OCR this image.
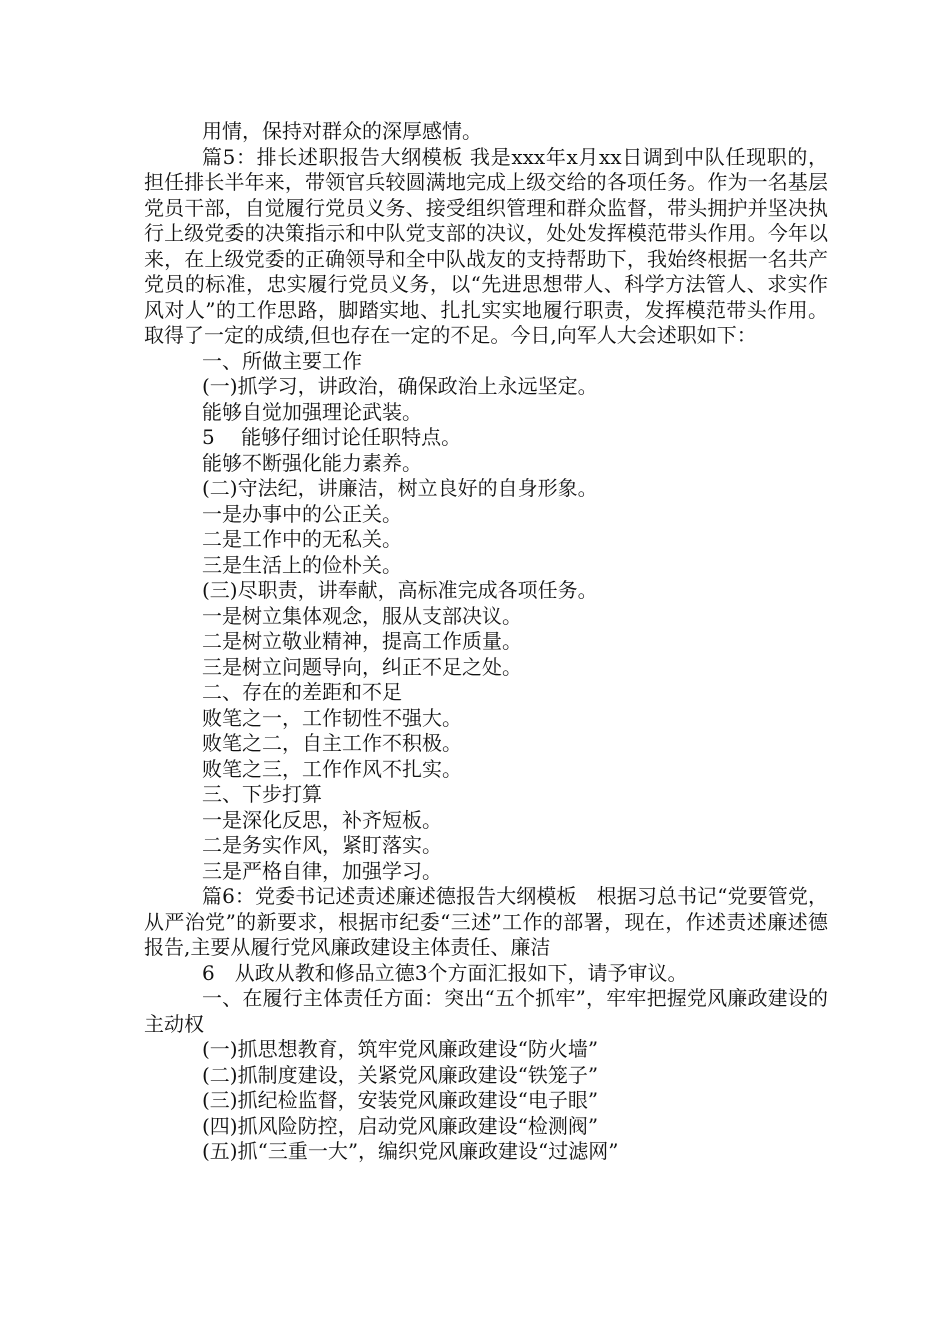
用情，保持对群众的深厚感情。

篇5：排长述职报告大纲模板 我是xxx年x月xx日调到中队任现职的，担任排长半年来，带领官兵较圆满地完成上级交给的各项任务。作为一名基层党员干部，自觉履行党员义务、接受组织管理和群众监督，带头拥护并坚决执行上级党委的决策指示和中队党支部的决议，处处发挥模范带头作用。今年以来，在上级党委的正确领导和全中队战友的支持帮助下，我始终根据一名共产党员的标准，忠实履行党员义务，以“先进思想带人、科学方法管人、求实作风对人”的工作思路，脚踏实地、扎扎实实地履行职责，发挥模范带头作用。取得了一定的成绩,但也存在一定的不足。今日,向军人大会述职如下：

一、所做主要工作

(一)抓学习，讲政治，确保政治上永远坚定。

能够自觉加强理论武装。

5　 能够仔细讨论任职特点。

能够不断强化能力素养。

(二)守法纪，讲廉洁，树立良好的自身形象。

一是办事中的公正关。

二是工作中的无私关。

三是生活上的俭朴关。

(三)尽职责，讲奉献，高标准完成各项任务。

一是树立集体观念，服从支部决议。

二是树立敬业精神，提高工作质量。

三是树立问题导向，纠正不足之处。

二、存在的差距和不足

败笔之一，工作韧性不强大。

败笔之二，自主工作不积极。

败笔之三，工作作风不扎实。

三、下步打算

一是深化反思，补齐短板。

二是务实作风，紧盯落实。

三是严格自律，加强学习。

篇6：党委书记述责述廉述德报告大纲模板　根据习总书记“党要管党，从严治党”的新要求，根据市纪委“三述”工作的部署，现在，作述责述廉述德报告,主要从履行党风廉政建设主体责任、廉洁

6　从政从教和修品立德3个方面汇报如下，请予审议。

一、在履行主体责任方面：突出“五个抓牢”，牢牢把握党风廉政建设的主动权

(一)抓思想教育，筑牢党风廉政建设“防火墙”

(二)抓制度建设，关紧党风廉政建设“铁笼子”

(三)抓纪检监督，安装党风廉政建设“电子眼”

(四)抓风险防控，启动党风廉政建设“检测阀”

(五)抓“三重一大”，编织党风廉政建设“过滤网”
